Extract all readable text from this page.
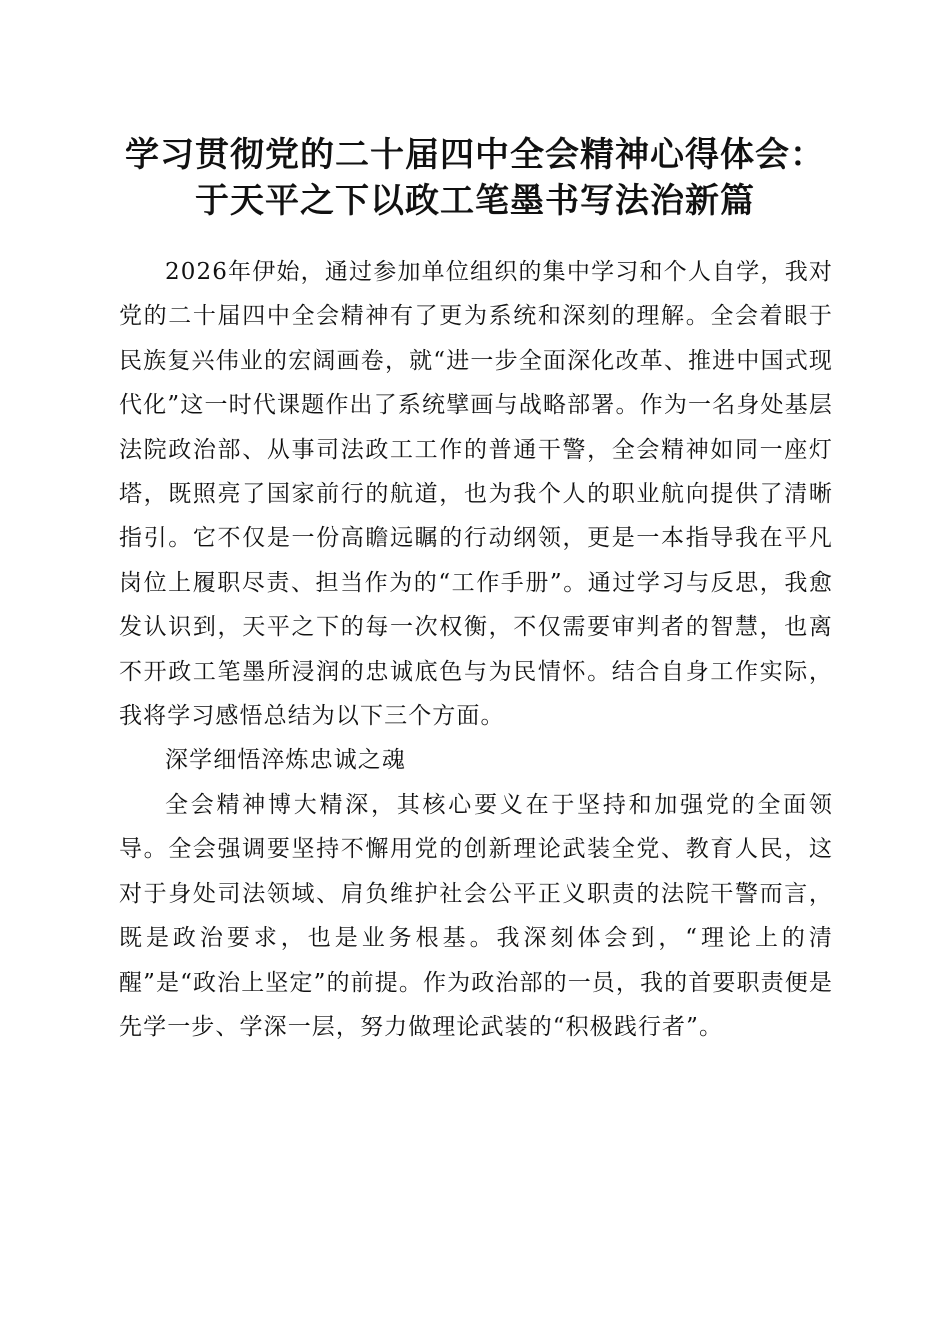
学习贯彻党的二十届四中全会精神心得体会：
于天平之下以政工笔墨书写法治新篇

2026年伊始，通过参加单位组织的集中学习和个人自学，我对党的二十届四中全会精神有了更为系统和深刻的理解。全会着眼于民族复兴伟业的宏阔画卷，就“进一步全面深化改革、推进中国式现代化”这一时代课题作出了系统擘画与战略部署。作为一名身处基层法院政治部、从事司法政工工作的普通干警，全会精神如同一座灯塔，既照亮了国家前行的航道，也为我个人的职业航向提供了清晰指引。它不仅是一份高瞻远瞩的行动纲领，更是一本指导我在平凡岗位上履职尽责、担当作为的“工作手册”。通过学习与反思，我愈发认识到，天平之下的每一次权衡，不仅需要审判者的智慧，也离不开政工笔墨所浸润的忠诚底色与为民情怀。结合自身工作实际，我将学习感悟总结为以下三个方面。

深学细悟淬炼忠诚之魂

全会精神博大精深，其核心要义在于坚持和加强党的全面领导。全会强调要坚持不懈用党的创新理论武装全党、教育人民，这对于身处司法领域、肩负维护社会公平正义职责的法院干警而言，既是政治要求，也是业务根基。我深刻体会到，“理论上的清醒”是“政治上坚定”的前提。作为政治部的一员，我的首要职责便是先学一步、学深一层，努力做理论武装的“积极践行者”。
